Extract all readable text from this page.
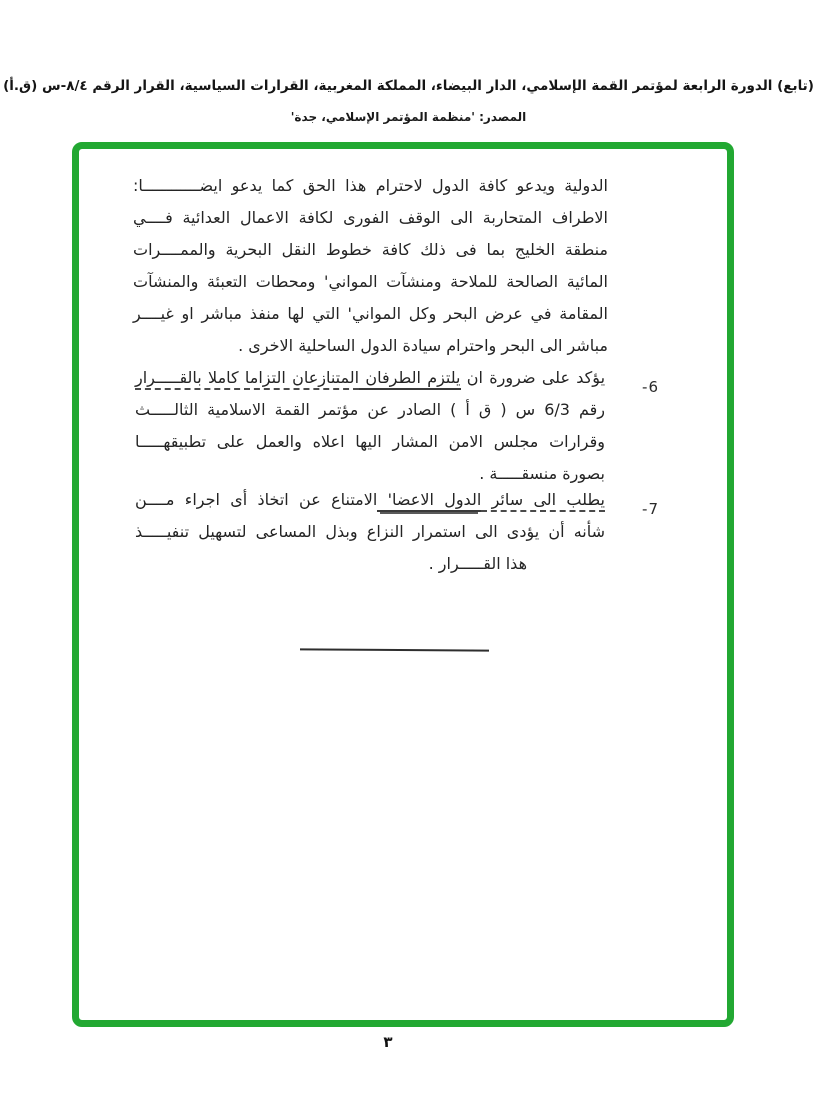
(تابع) الدورة الرابعة لمؤتمر القمة الإسلامي، الدار البيضاء، المملكة المغربية، القرارات السياسية، القرار الرقم ٨/٤-س (ق.أ)
المصدر: 'منظمة المؤتمر الإسلامي، جدة'
الدولية ويدعو كافة الدول لاحترام هذا الحق كما يدعو ايضــــــــــــا:
الاطراف المتحاربة الى الوقف الفورى لكافة الاعمال العدائية فــــي
منطقة الخليج بما فى ذلك كافة خطوط النقل البحرية والممــــرات
المائية الصالحة للملاحة ومنشآت المواني' ومحطات التعبئة والمنشآت
المقامة في عرض البحر وكل المواني' التي لها منفذ مباشر او غيــــر
مباشر الى البحر واحترام سيادة الدول الساحلية الاخرى .
-6
يؤكد على ضرورة ان يلتزم الطرفان المتنازعان التزاما كاملا بالقـــــرار
رقم 6/3 س ( ق أ ) الصادر عن مؤتمر القمة الاسلامية الثالـــــث
وقرارات مجلس الامن المشار اليها اعلاه والعمل على تطبيقهـــــا
بصورة منسقـــــة .
-7
يطلب الى سائر الدول الاعضا' الامتناع عن اتخاذ أى اجراء مــــن
شأنه أن يؤدى الى استمرار النزاع وبذل المساعى لتسهيل تنفيـــــذ
هذا القـــــرار .
٣
